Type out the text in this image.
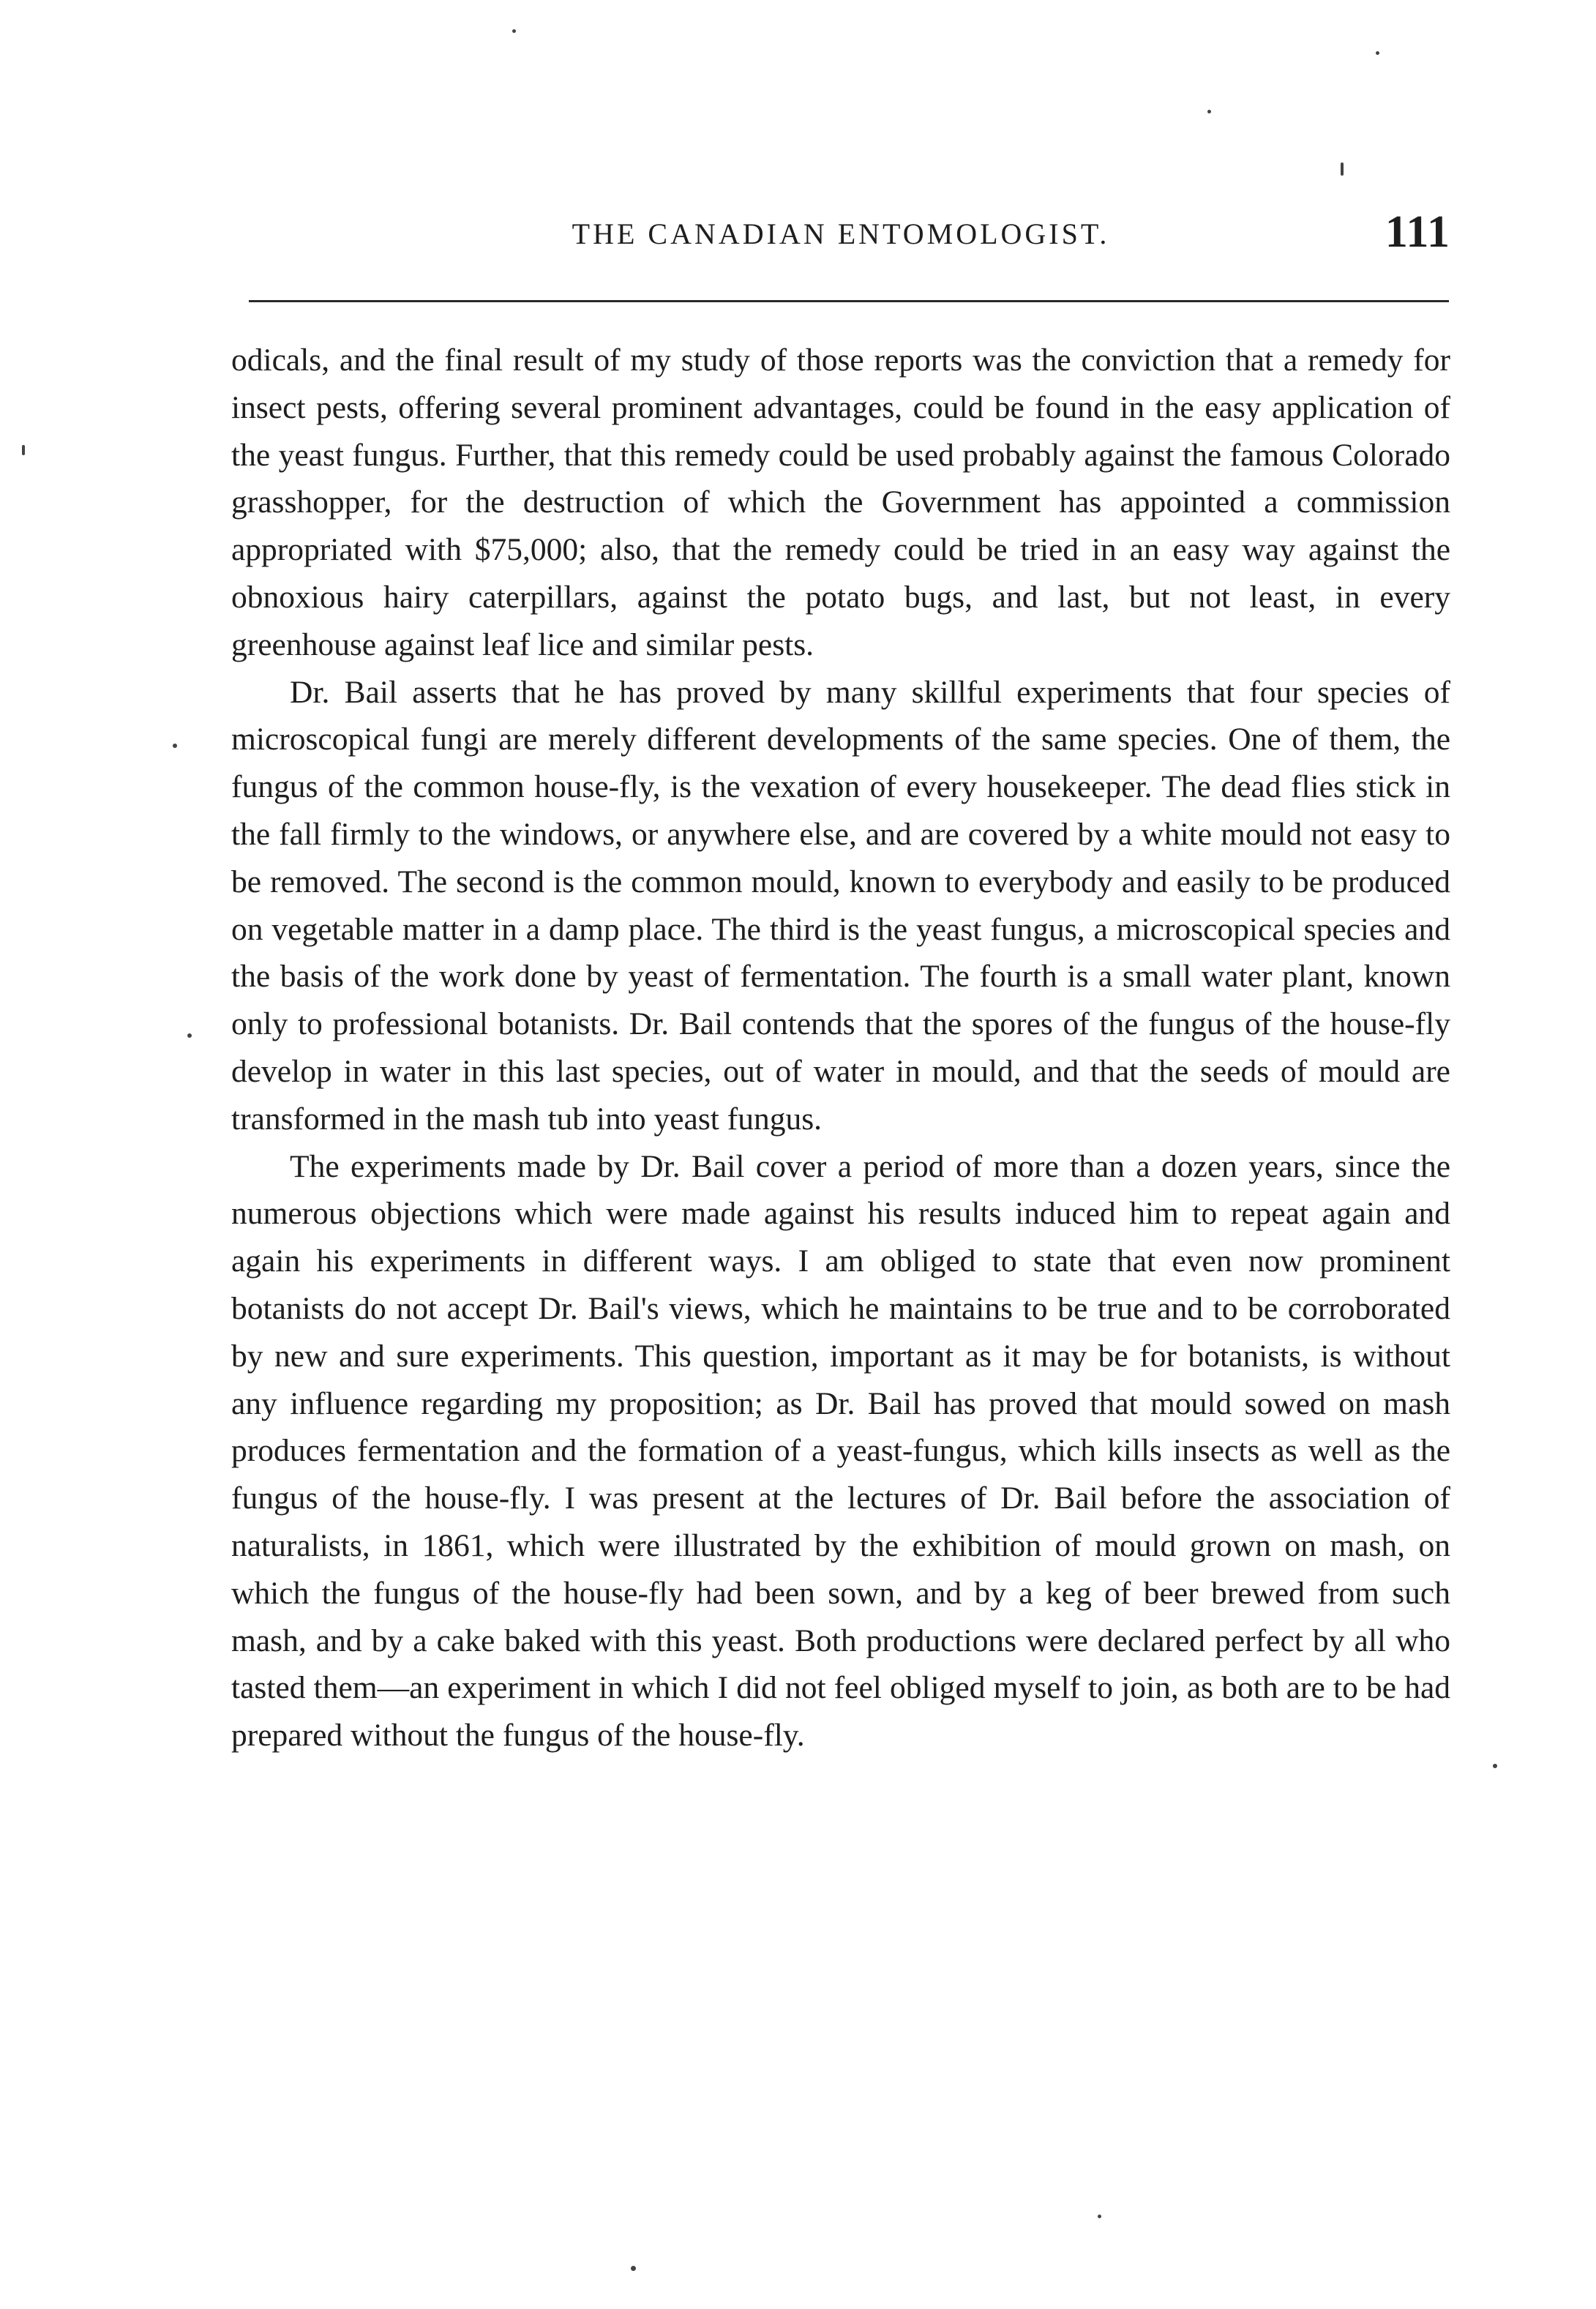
THE CANADIAN ENTOMOLOGIST.	111

odicals, and the final result of my study of those reports was the conviction that a remedy for insect pests, offering several prominent advantages, could be found in the easy application of the yeast fungus. Further, that this remedy could be used probably against the famous Colorado grasshopper, for the destruction of which the Government has appointed a commission appropriated with $75,000; also, that the remedy could be tried in an easy way against the obnoxious hairy caterpillars, against the potato bugs, and last, but not least, in every greenhouse against leaf lice and similar pests.

Dr. Bail asserts that he has proved by many skillful experiments that four species of microscopical fungi are merely different developments of the same species. One of them, the fungus of the common house-fly, is the vexation of every housekeeper. The dead flies stick in the fall firmly to the windows, or anywhere else, and are covered by a white mould not easy to be removed. The second is the common mould, known to everybody and easily to be produced on vegetable matter in a damp place. The third is the yeast fungus, a microscopical species and the basis of the work done by yeast of fermentation. The fourth is a small water plant, known only to professional botanists. Dr. Bail contends that the spores of the fungus of the house-fly develop in water in this last species, out of water in mould, and that the seeds of mould are transformed in the mash tub into yeast fungus.

The experiments made by Dr. Bail cover a period of more than a dozen years, since the numerous objections which were made against his results induced him to repeat again and again his experiments in different ways. I am obliged to state that even now prominent botanists do not accept Dr. Bail's views, which he maintains to be true and to be corroborated by new and sure experiments. This question, important as it may be for botanists, is without any influence regarding my proposition; as Dr. Bail has proved that mould sowed on mash produces fermentation and the formation of a yeast-fungus, which kills insects as well as the fungus of the house-fly. I was present at the lectures of Dr. Bail before the association of naturalists, in 1861, which were illustrated by the exhibition of mould grown on mash, on which the fungus of the house-fly had been sown, and by a keg of beer brewed from such mash, and by a cake baked with this yeast. Both productions were declared perfect by all who tasted them—an experiment in which I did not feel obliged myself to join, as both are to be had prepared without the fungus of the house-fly.
